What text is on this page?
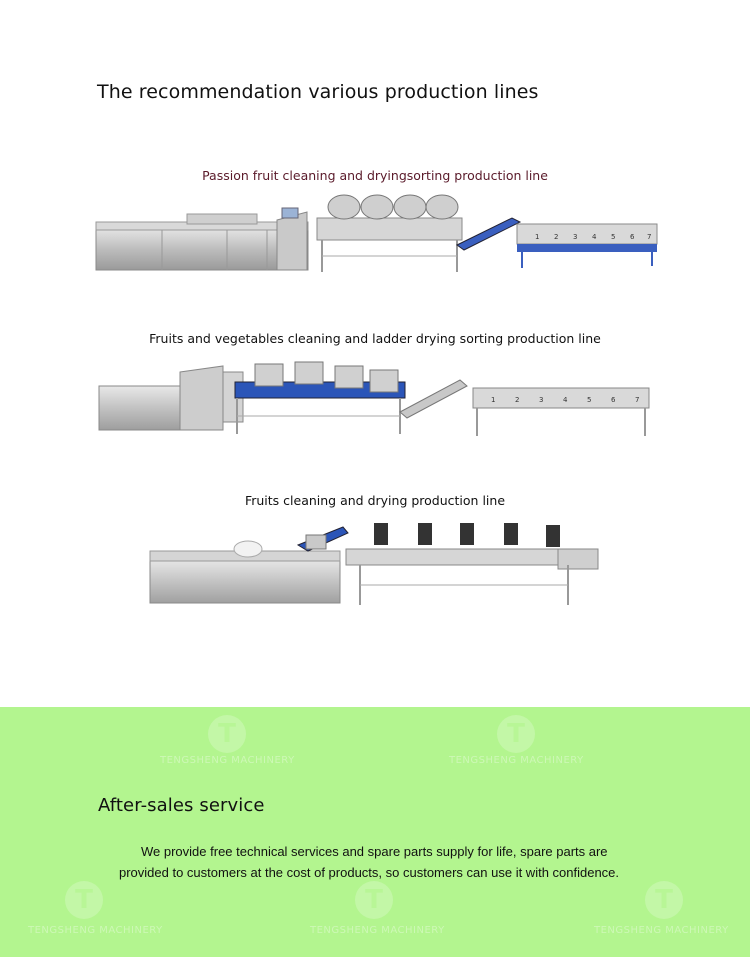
The recommendation various production lines
Passion fruit cleaning and dryingsorting production line
1 2 3 4 5 6 7
Fruits and vegetables cleaning and ladder drying sorting production line
1	2	3	4	5	6	7
Fruits cleaning and drying production line
T
TENGSHENG MACHINERY
T	TENGSHENG MACHINERY
After-sales service
We provide free technical services and spare parts supply for life, spare parts are
provided to customers at the cost of products, so customers can use it with confidence.
T
TENGSHENG MACHINERY
T	TENGSHENG MACHINERY
T	TENGSHENG MACHINERY
